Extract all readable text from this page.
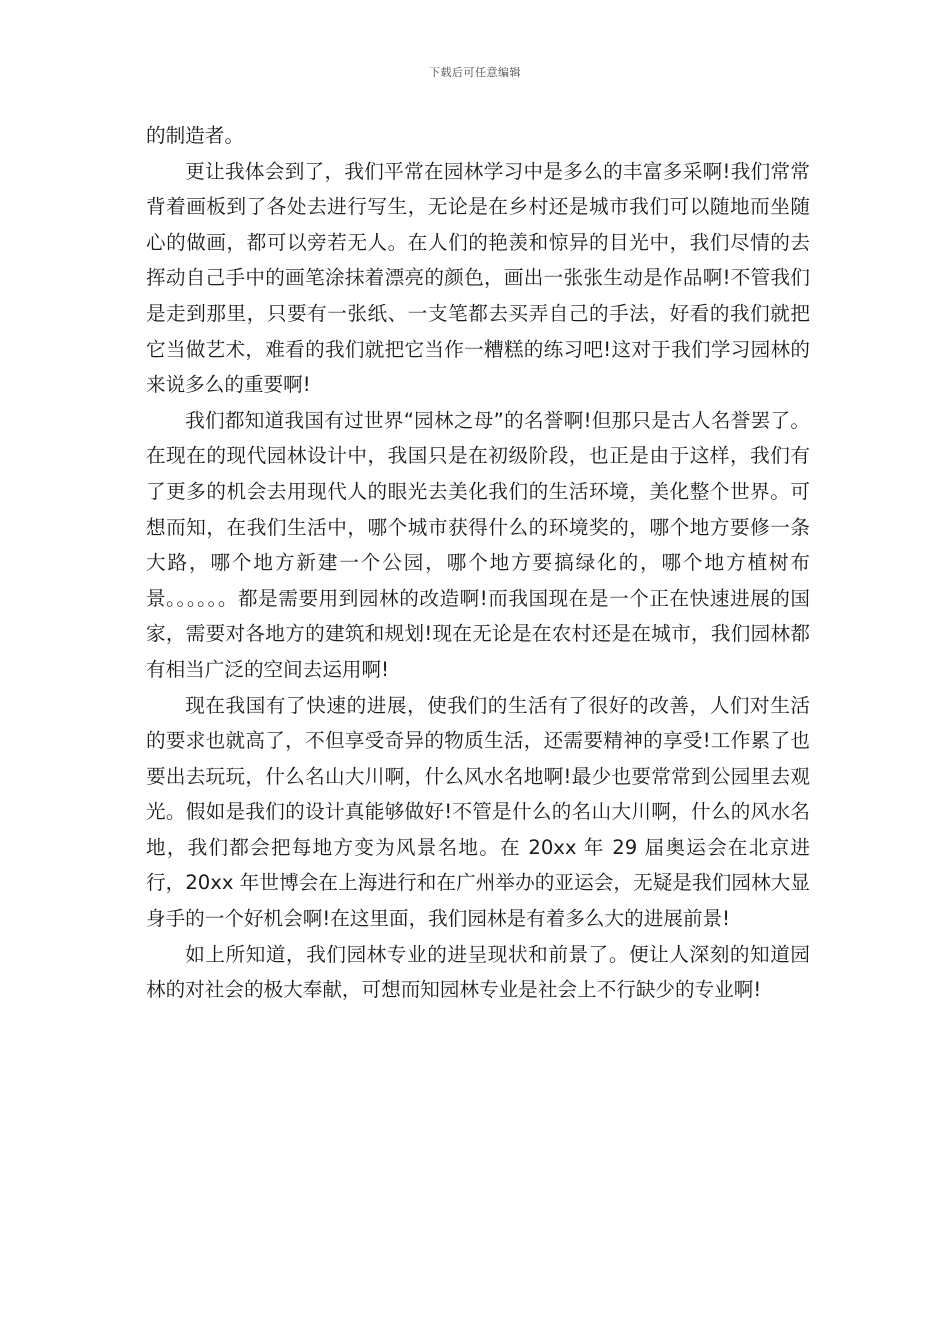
下载后可任意编辑

的制造者。

更让我体会到了，我们平常在园林学习中是多么的丰富多采啊!我们常常背着画板到了各处去进行写生，无论是在乡村还是城市我们可以随地而坐随心的做画，都可以旁若无人。在人们的艳羡和惊异的目光中，我们尽情的去挥动自己手中的画笔涂抹着漂亮的颜色，画出一张张生动是作品啊!不管我们是走到那里，只要有一张纸、一支笔都去买弄自己的手法，好看的我们就把它当做艺术，难看的我们就把它当作一糟糕的练习吧!这对于我们学习园林的来说多么的重要啊!

我们都知道我国有过世界“园林之母”的名誉啊!但那只是古人名誉罢了。在现在的现代园林设计中，我国只是在初级阶段，也正是由于这样，我们有了更多的机会去用现代人的眼光去美化我们的生活环境，美化整个世界。可想而知，在我们生活中，哪个城市获得什么的环境奖的，哪个地方要修一条大路，哪个地方新建一个公园，哪个地方要搞绿化的，哪个地方植树布景。。。。。。都是需要用到园林的改造啊!而我国现在是一个正在快速进展的国家，需要对各地方的建筑和规划!现在无论是在农村还是在城市，我们园林都有相当广泛的空间去运用啊!

现在我国有了快速的进展，使我们的生活有了很好的改善，人们对生活的要求也就高了，不但享受奇异的物质生活，还需要精神的享受!工作累了也要出去玩玩，什么名山大川啊，什么风水名地啊!最少也要常常到公园里去观光。假如是我们的设计真能够做好!不管是什么的名山大川啊，什么的风水名地，我们都会把每地方变为风景名地。在 20xx 年 29 届奥运会在北京进行，20xx 年世博会在上海进行和在广州举办的亚运会，无疑是我们园林大显身手的一个好机会啊!在这里面，我们园林是有着多么大的进展前景!

如上所知道，我们园林专业的进呈现状和前景了。便让人深刻的知道园林的对社会的极大奉献，可想而知园林专业是社会上不行缺少的专业啊!
